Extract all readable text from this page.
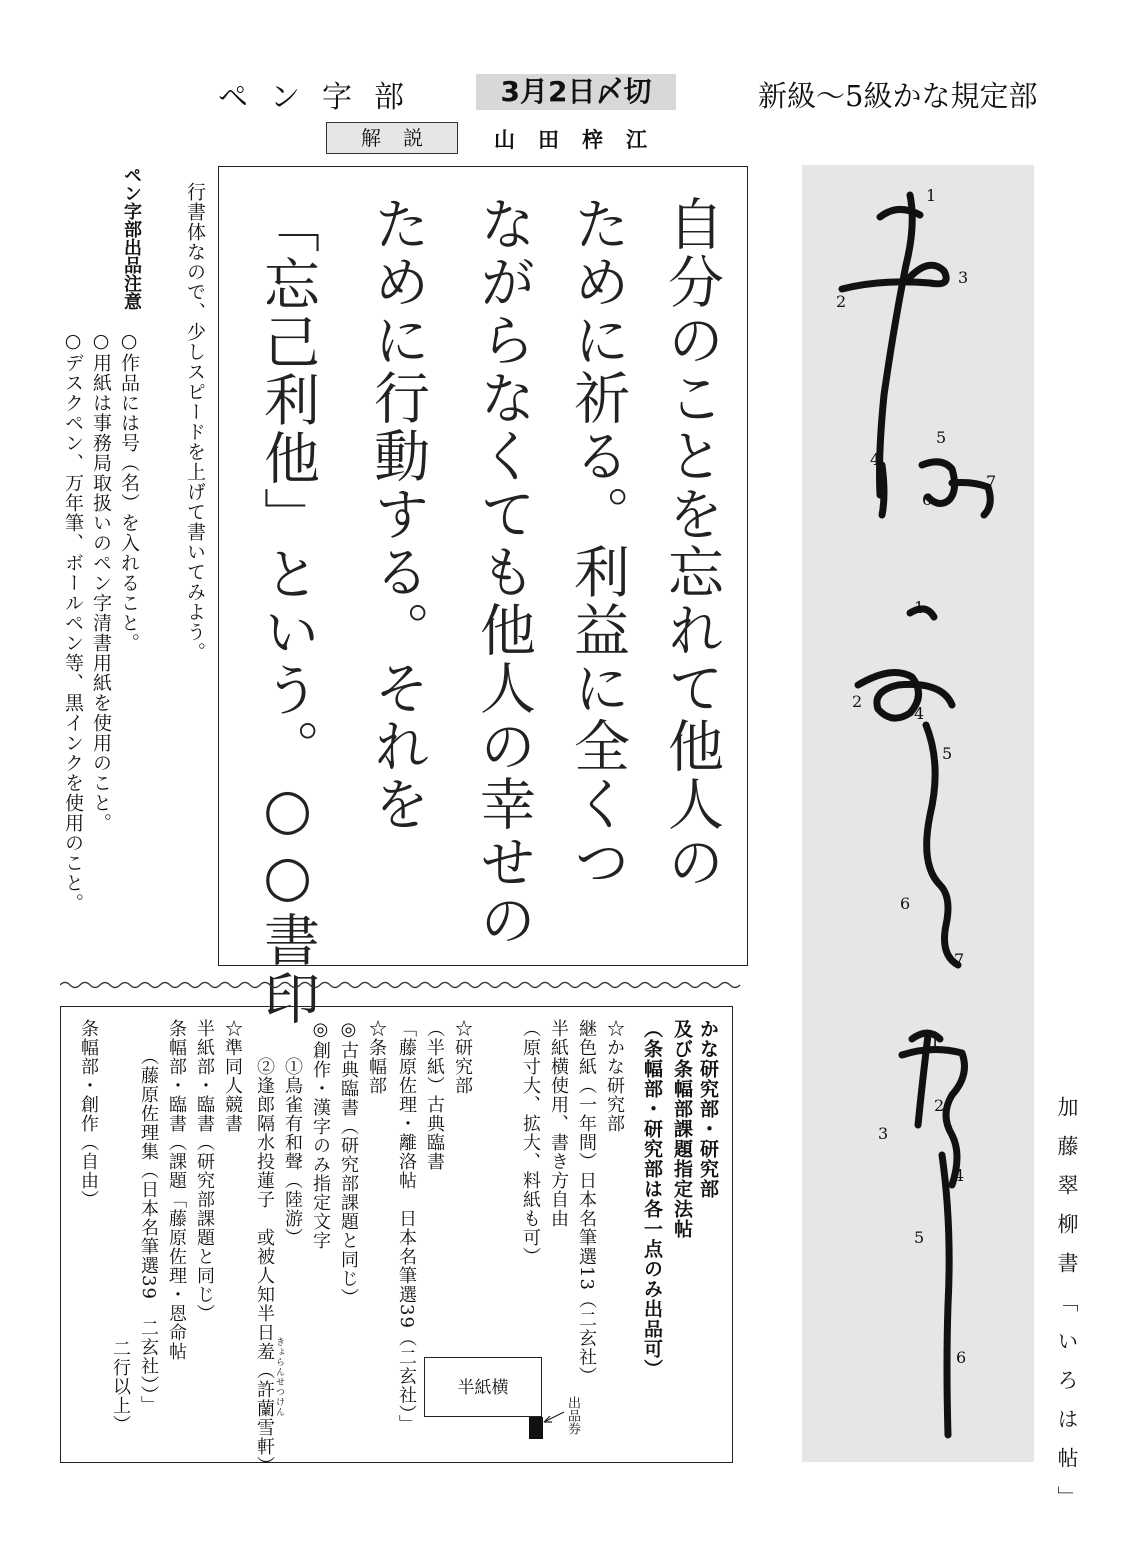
ペン字部	3月2日〆切	新級～5級かな規定部
解説	山田梓江
自分のことを忘れて他人の
ために祈る。利益に全くつ
ながらなくても他人の幸せの
ために行動する。それを
「忘己利他」という。○○書印
行書体なので、少しスピードを上げて書いてみよう。
ペン字部出品注意
○作品には号（名）を入れること。
○用紙は事務局取扱いのペン字清書用紙を使用のこと。
○デスクペン、万年筆、ボールペン等、黒インクを使用のこと。
かな研究部・研究部
及び条幅部課題指定法帖
（条幅部・研究部は各一点のみ出品可）
☆かな研究部
継色紙（一年間）日本名筆選13（二玄社）
半紙横使用、書き方自由
（原寸大、拡大、料紙も可）
☆研究部
（半紙）古典臨書
「藤原佐理・離洛帖　日本名筆選39（二玄社）」
☆条幅部
◎古典臨書（研究部課題と同じ）
◎創作・漢字のみ指定文字
①鳥雀有和聲（陸游）
②逢郎隔水投蓮子　或被人知半日羞（許蘭雪軒） きょらんせつけん
☆準同人競書
半紙部・臨書（研究部課題と同じ）
条幅部・臨書（課題「藤原佐理・恩命帖
（藤原佐理集（日本名筆選39　二玄社））」
二行以上）
条幅部・創作（自由）
半紙横
出品券
1
2
3
4
5
6
7
1
2
4
5
6
7
1
2
3
4
5
6	加藤翠柳書「いろは帖」
